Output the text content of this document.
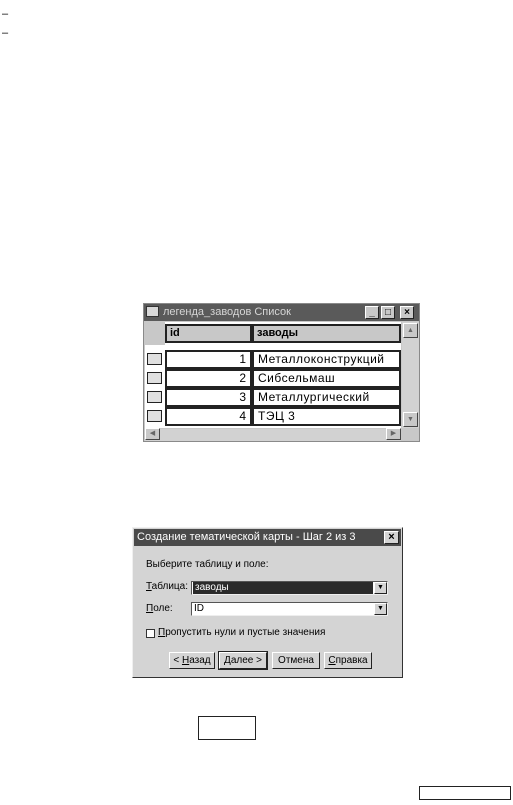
–
–
легенда_заводов Список	_	□	×
id	заводы
1	Металлоконструкций
2	Сибсельмаш
3	Металлургический
4	ТЭЦ 3
▲
▼
◀	▶
Создание тематической карты - Шаг 2 из 3	×
Выберите таблицу и поле:
Таблица: заводы	▼
Поле: ID	▼
Пропустить нули и пустые значения
< Назад	Далее >	Отмена	Справка
